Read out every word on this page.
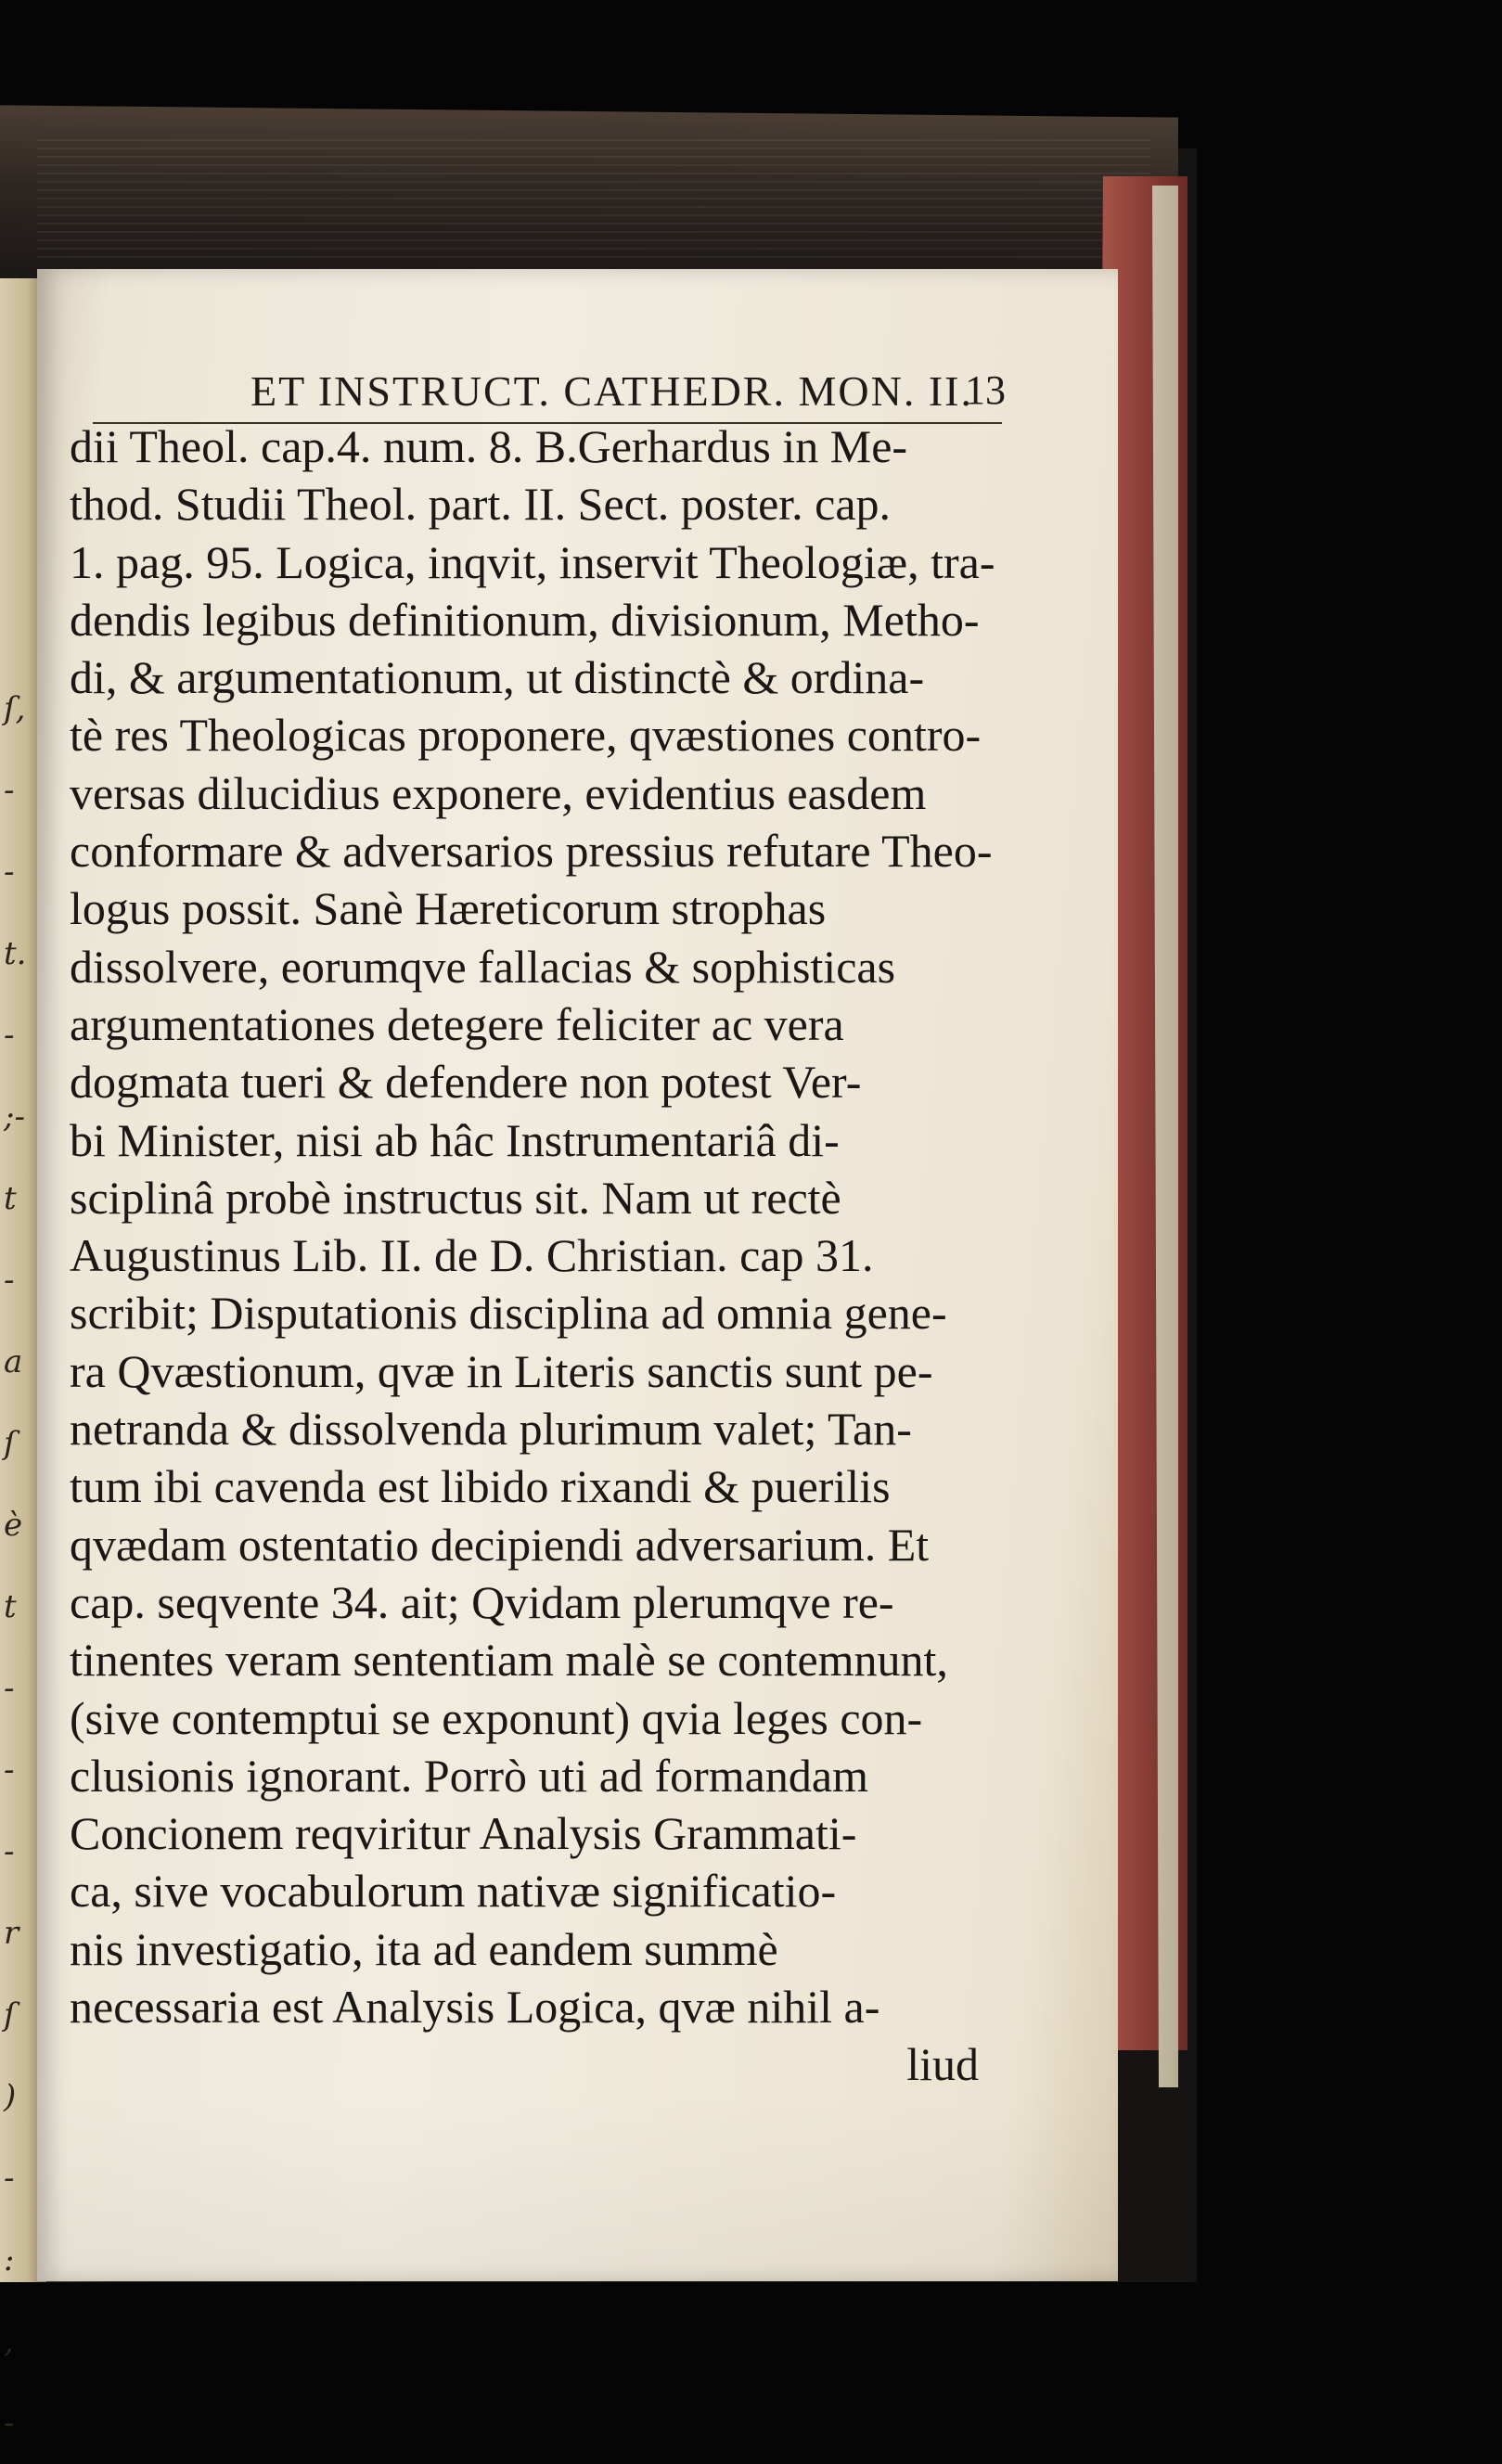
ſ,
-
-
t.
-
;-
t
-
a
ſ
è
t
-
-
-
r
ſ
)
-
:
,
-
ET INSTRUCT. CATHEDR. MON. II.
13
dii Theol. cap.4. num. 8. B.Gerhardus in Me-
thod. Studii Theol. part. II. Sect. poster. cap.
1. pag. 95. Logica, inqvit, inservit Theologiæ, tra-
dendis legibus definitionum, divisionum, Metho-
di, & argumentationum, ut distinctè & ordina-
tè res Theologicas proponere, qvæstiones contro-
versas dilucidius exponere, evidentius easdem
conformare & adversarios pressius refutare Theo-
logus possit. Sanè Hæreticorum strophas
dissolvere, eorumqve fallacias & sophisticas
argumentationes detegere feliciter ac vera
dogmata tueri & defendere non potest Ver-
bi Minister, nisi ab hâc Instrumentariâ di-
sciplinâ probè instructus sit. Nam ut rectè
Augustinus Lib. II. de D. Christian. cap 31.
scribit; Disputationis disciplina ad omnia gene-
ra Qvæstionum, qvæ in Literis sanctis sunt pe-
netranda & dissolvenda plurimum valet; Tan-
tum ibi cavenda est libido rixandi & puerilis
qvædam ostentatio decipiendi adversarium. Et
cap. seqvente 34. ait; Qvidam plerumqve re-
tinentes veram sententiam malè se contemnunt,
(sive contemptui se exponunt) qvia leges con-
clusionis ignorant. Porrò uti ad formandam
Concionem reqviritur Analysis Grammati-
ca, sive vocabulorum nativæ significatio-
nis investigatio, ita ad eandem summè
necessaria est Analysis Logica, qvæ nihil a-
liud
